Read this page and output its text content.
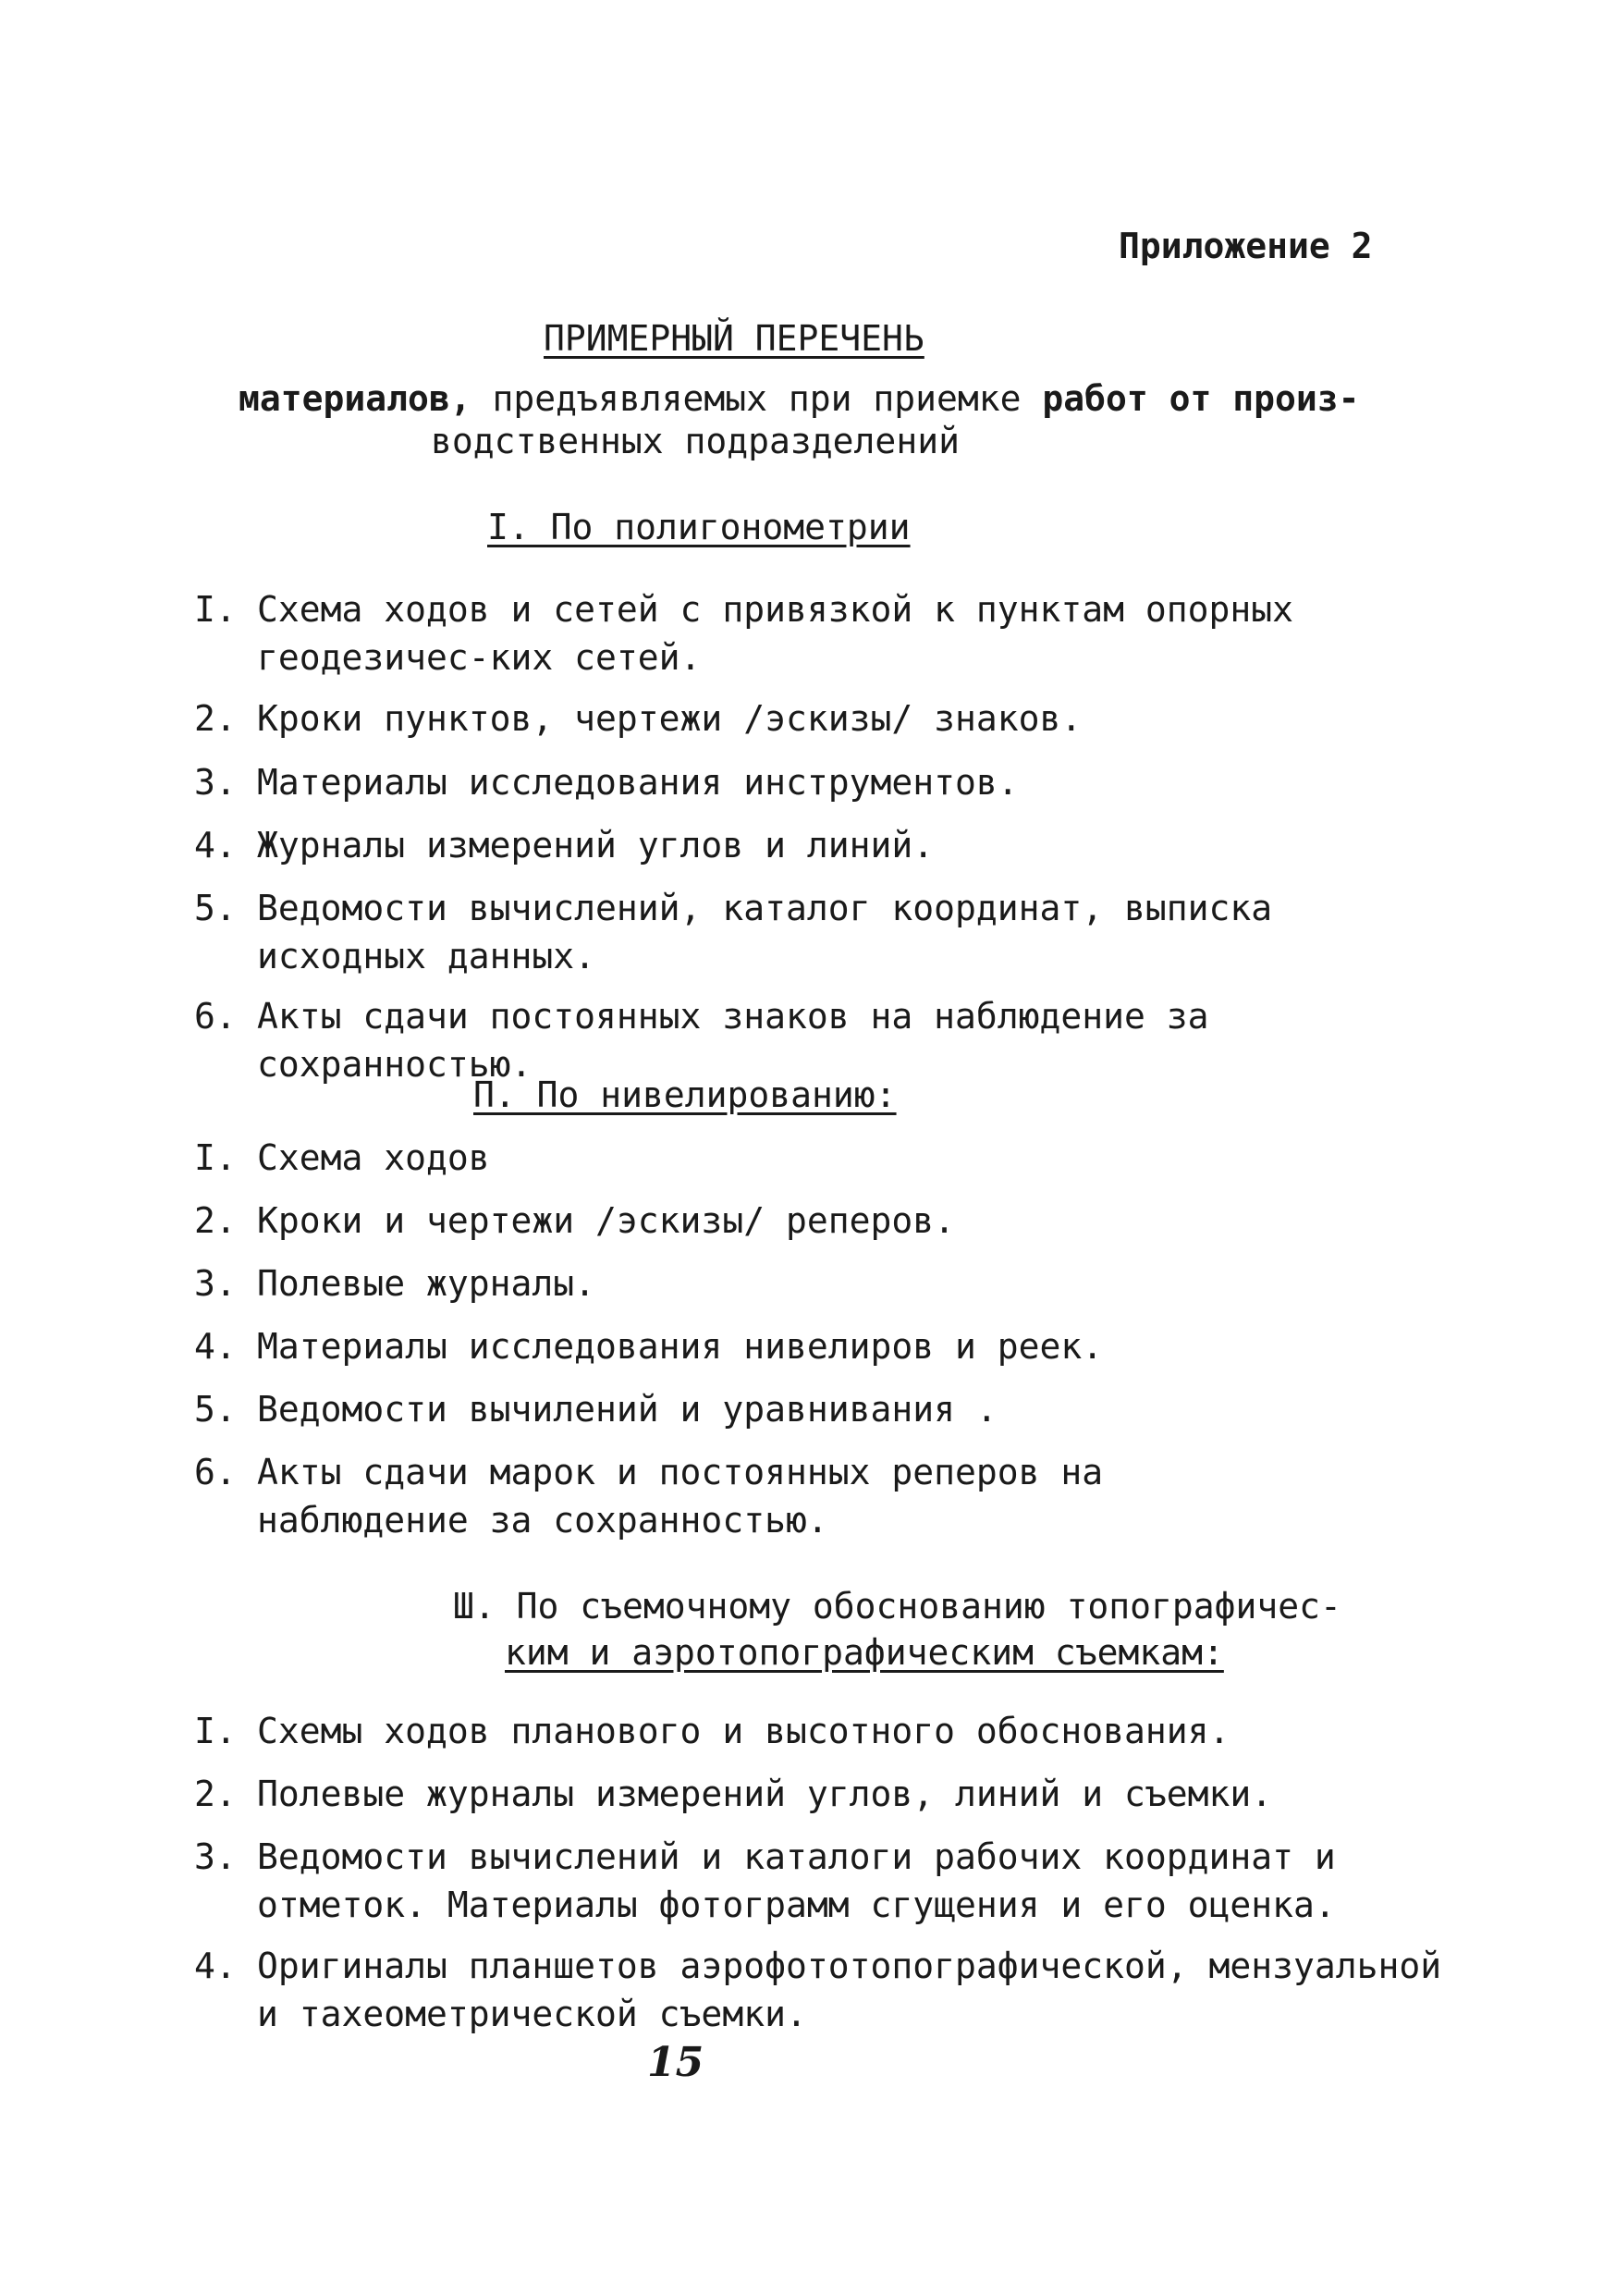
Приложение 2
ПРИМЕРНЫЙ ПЕРЕЧЕНЬ
материалов, предъявляемых при приемке работ от произ-
водственных подразделений
I. По полигонометрии
I. Схема ходов и сетей с привязкой к пунктам опорных геодезичес-ких сетей.
2. Кроки пунктов, чертежи /эскизы/ знаков.
3. Материалы исследования инструментов.
4. Журналы измерений углов и линий.
5. Ведомости вычислений, каталог координат, выписка исходных данных.
6. Акты сдачи постоянных знаков на наблюдение за сохранностью.
П. По нивелированию:
I. Схема ходов
2. Кроки и чертежи /эскизы/ реперов.
3. Полевые журналы.
4. Материалы исследования нивелиров и реек.
5. Ведомости вычилений и уравнивания .
6. Акты сдачи марок и постоянных реперов на наблюдение за сохранностью.
Ш. По съемочному обоснованию топографичес-
ким и аэротопографическим съемкам:
I. Схемы ходов планового и высотного обоснования.
2. Полевые журналы измерений углов, линий и съемки.
3. Ведомости вычислений и каталоги рабочих координат и отметок. Материалы фотограмм сгущения и его оценка.
4. Оригиналы планшетов аэрофототопографической, мензуальной и тахеометрической съемки.
15
